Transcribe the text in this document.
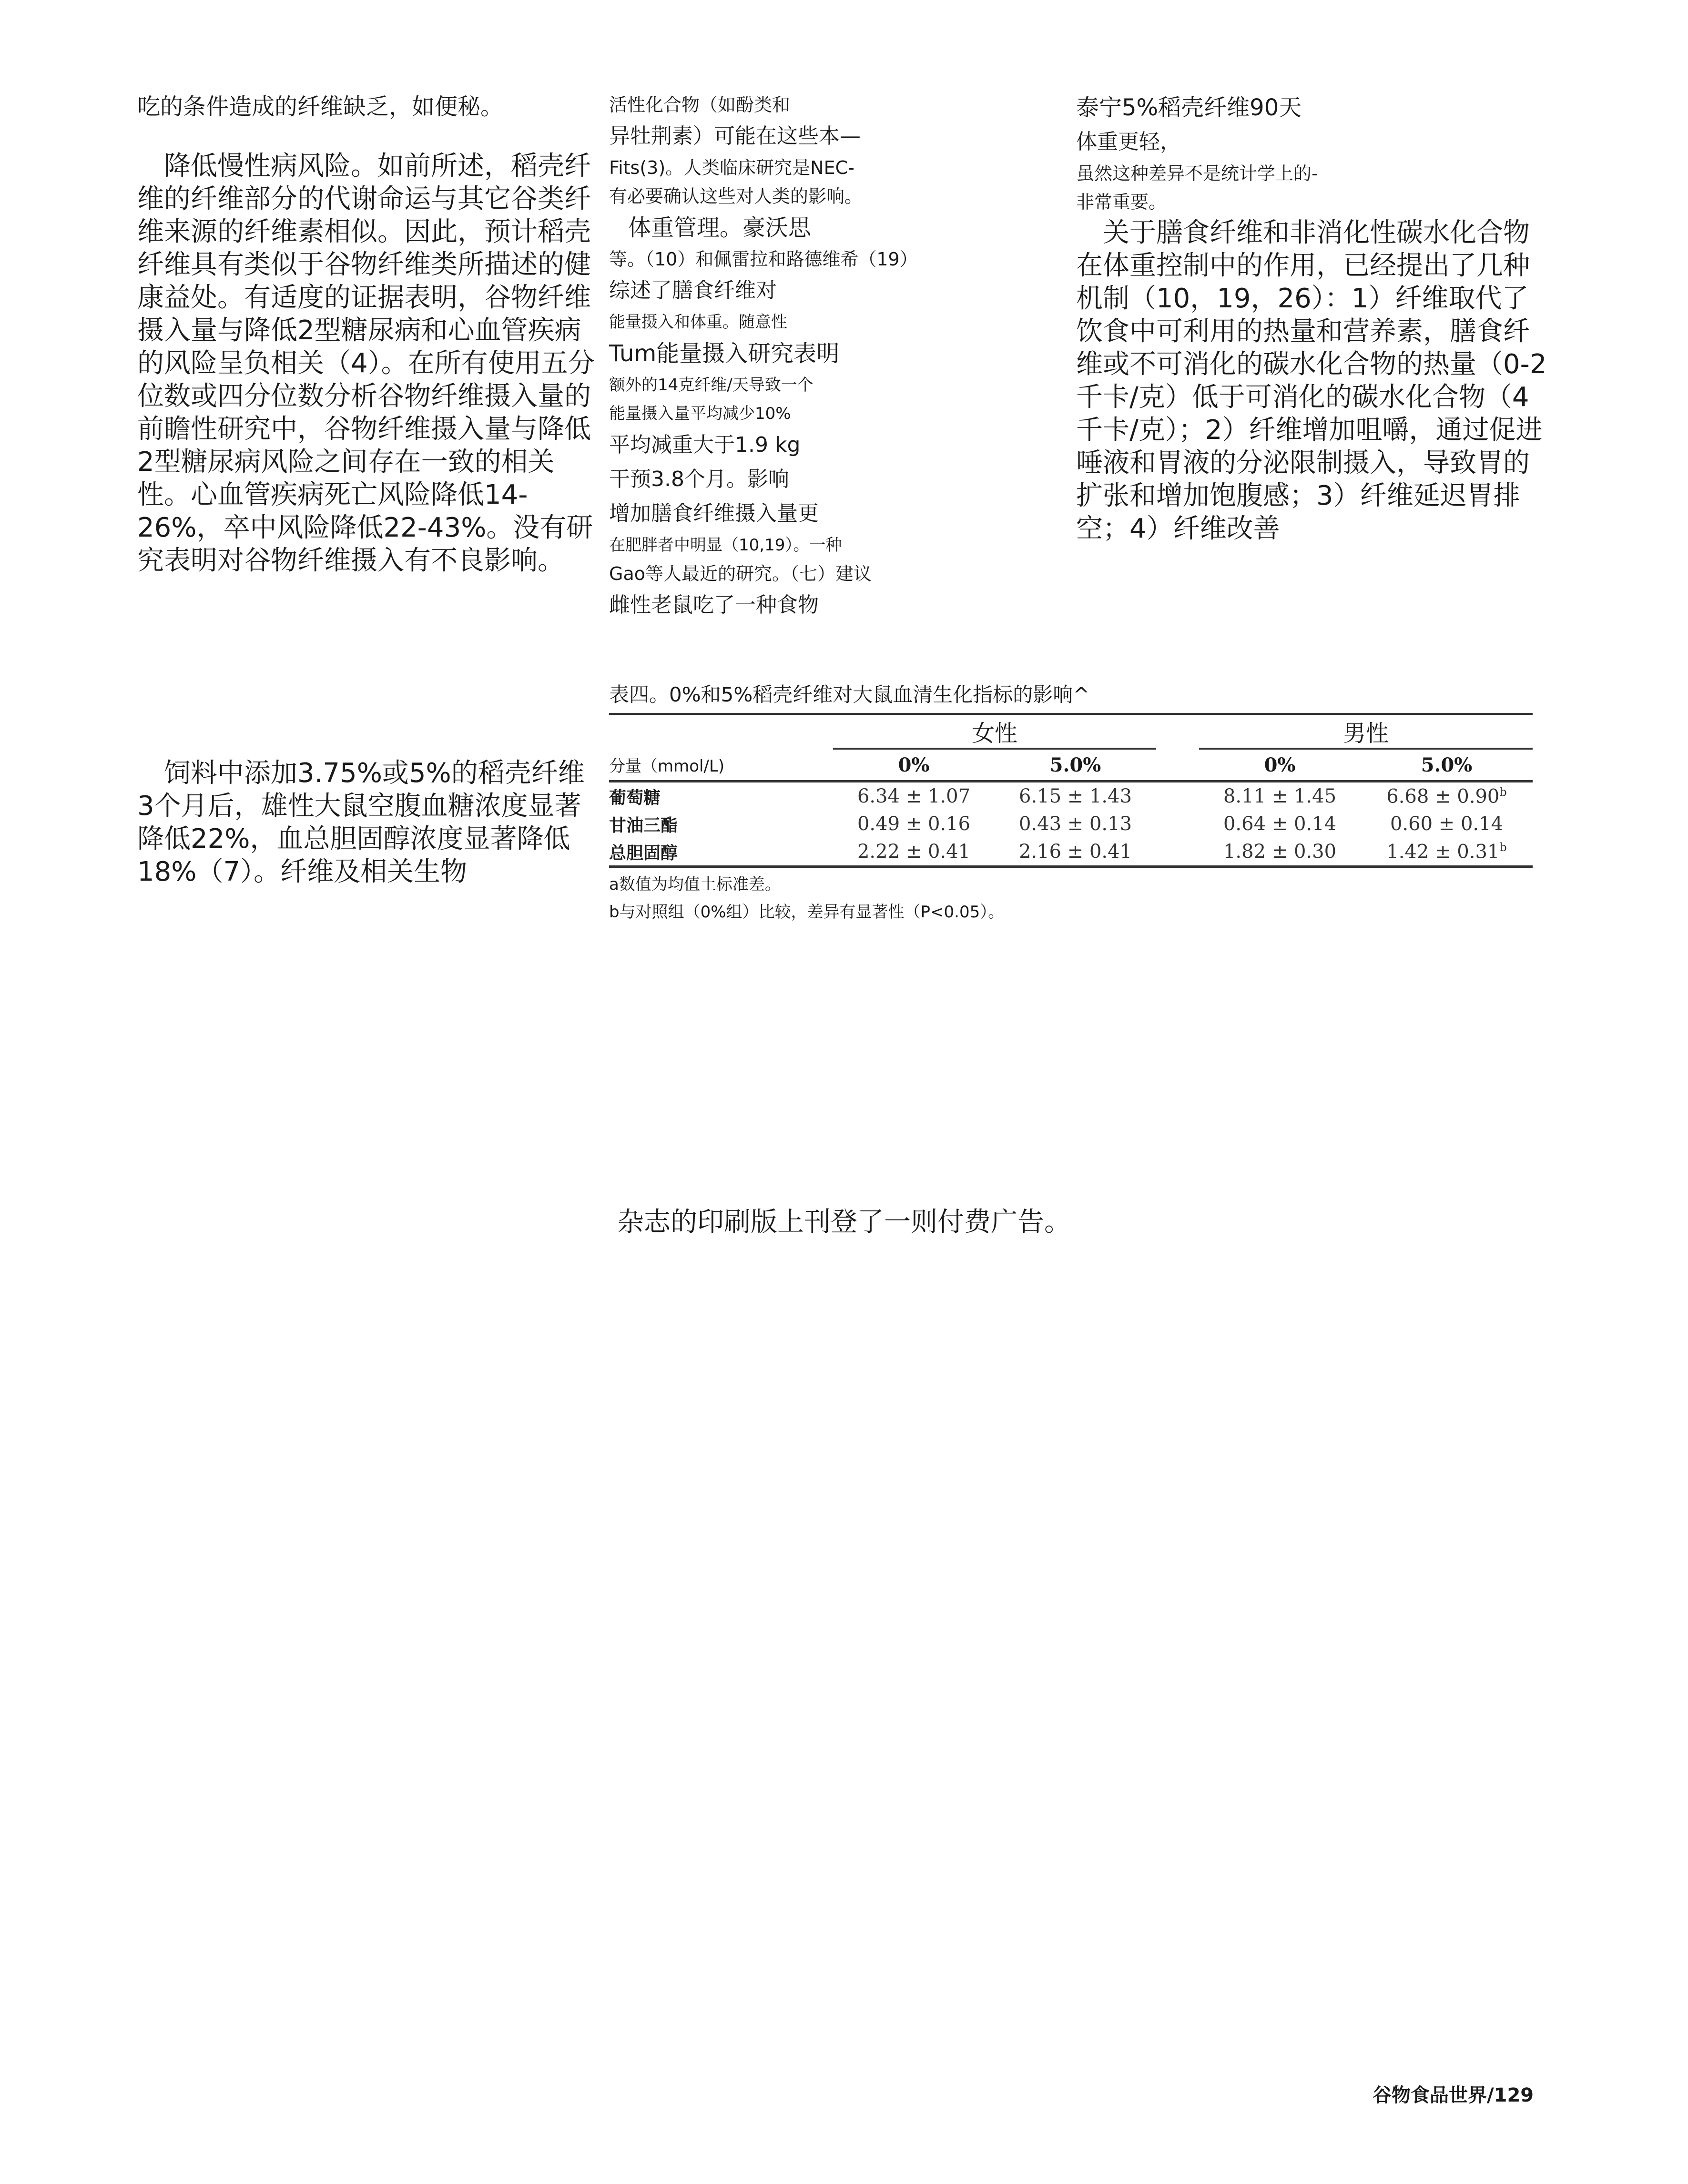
吃的条件造成的纤维缺乏，如便秘。

降低慢性病风险。如前所述，稻壳纤维的纤维部分的代谢命运与其它谷类纤维来源的纤维素相似。因此，预计稻壳纤维具有类似于谷物纤维类所描述的健康益处。有适度的证据表明，谷物纤维摄入量与降低2型糖尿病和心血管疾病的风险呈负相关（4）。在所有使用五分位数或四分位数分析谷物纤维摄入量的前瞻性研究中，谷物纤维摄入量与降低2型糖尿病风险之间存在一致的相关性。心血管疾病死亡风险降低14-26%，卒中风险降低22-43%。没有研究表明对谷物纤维摄入有不良影响。

饲料中添加3.75%或5%的稻壳纤维3个月后，雄性大鼠空腹血糖浓度显著降低22%，血总胆固醇浓度显著降低18%（7）。纤维及相关生物

活性化合物（如酚类和
异牡荆素）可能在这些本—
Fits(3)。人类临床研究是NEC-
有必要确认这些对人类的影响。
体重管理。豪沃思
等。（10）和佩雷拉和路德维希（19）
综述了膳食纤维对
能量摄入和体重。随意性
Tum能量摄入研究表明
额外的14克纤维/天导致一个
能量摄入量平均减少10%
平均减重大于1.9 kg
干预3.8个月。影响
增加膳食纤维摄入量更
在肥胖者中明显（10,19）。一种
Gao等人最近的研究。（七）建议
雌性老鼠吃了一种食物
泰宁5%稻壳纤维90天
体重更轻，
虽然这种差异不是统计学上的-
非常重要。

关于膳食纤维和非消化性碳水化合物在体重控制中的作用，已经提出了几种机制（10，19，26）：1）纤维取代了饮食中可利用的热量和营养素，膳食纤维或不可消化的碳水化合物的热量（0-2千卡/克）低于可消化的碳水化合物（4千卡/克）；2）纤维增加咀嚼，通过促进唾液和胃液的分泌限制摄入，导致胃的扩张和增加饱腹感；3）纤维延迟胃排空；4）纤维改善

表四。0%和5%稻壳纤维对大鼠血清生化指标的影响^
	女性			男性	
分量（mmol/L)	0%	5.0%		0%	5.0%
葡萄糖	6.34 ± 1.07	6.15 ± 1.43		8.11 ± 1.45	6.68 ± 0.90$^b$
甘油三酯	0.49 ± 0.16	0.43 ± 0.13		0.64 ± 0.14	0.60 ± 0.14
总胆固醇	2.22 ± 0.41	2.16 ± 0.41		1.82 ± 0.30	1.42 ± 0.31$^b$
a数值为均值土标准差。
b与对照组（0%组）比较，差异有显著性（P<0.05）。
杂志的印刷版上刊登了一则付费广告。
谷物食品世界/129
